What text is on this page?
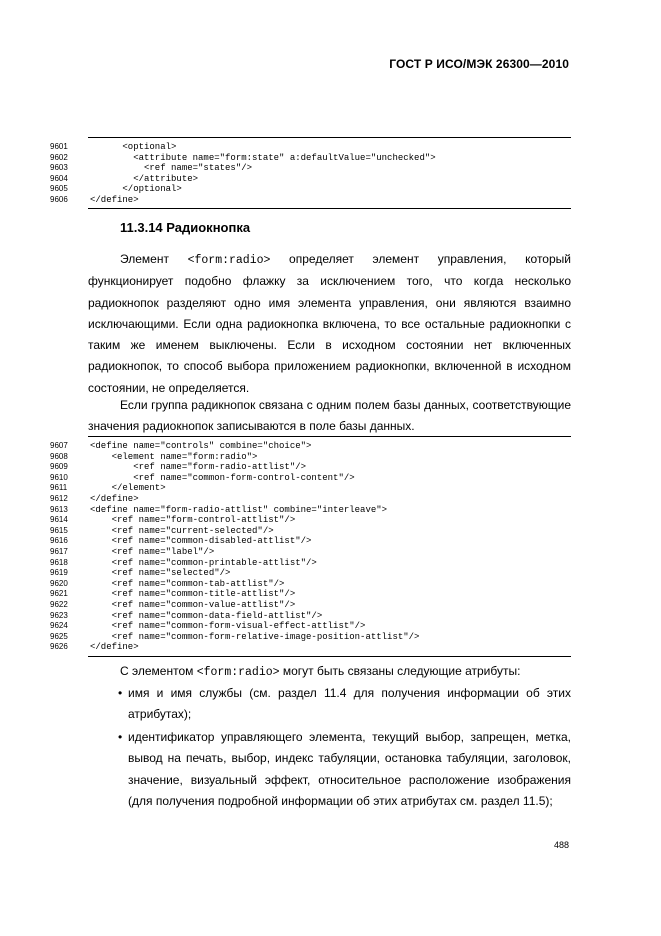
ГОСТ Р ИСО/МЭК 26300—2010
9601 <optional>
9602 <attribute name="form:state" a:defaultValue="unchecked">
9603 <ref name="states"/>
9604 </attribute>
9605 </optional>
9606 </define>
11.3.14 Радиокнопка
Элемент <form:radio> определяет элемент управления, который функционирует подобно флажку за исключением того, что когда несколько радиокнопок разделяют одно имя элемента управления, они являются взаимно исключающими. Если одна радиокнопка включена, то все остальные радиокнопки с таким же именем выключены. Если в исходном состоянии нет включенных радиокнопок, то способ выбора приложением радиокнопки, включенной в исходном состоянии, не определяется.
Если группа радикнопок связана с одним полем базы данных, соответствующие значения радиокнопок записываются в поле базы данных.
9607 <define name="controls" combine="choice">
9608 <element name="form:radio">
9609 <ref name="form-radio-attlist"/>
9610 <ref name="common-form-control-content"/>
9611	</element>
9612 </define>
9613 <define name="form-radio-attlist" combine="interleave">
9614 <ref name="form-control-attlist"/>
9615 <ref name="current-selected"/>
9616 <ref name="common-disabled-attlist"/>
9617 <ref name="label"/>
9618 <ref name="common-printable-attlist"/>
9619 <ref name="selected"/>
9620 <ref name="common-tab-attlist"/>
9621 <ref name="common-title-attlist"/>
9622 <ref name="common-value-attlist"/>
9623 <ref name="common-data-field-attlist"/>
9624 <ref name="common-form-visual-effect-attlist"/>
9625 <ref name="common-form-relative-image-position-attlist"/>
9626 </define>
С элементом <form:radio> могут быть связаны следующие атрибуты:
• имя и имя службы (см. раздел 11.4 для получения информации об этих атрибутах);
• идентификатор управляющего элемента, текущий выбор, запрещен, метка, вывод на печать, выбор, индекс табуляции, остановка табуляции, заголовок, значение, визуальный эффект, относительное расположение изображения (для получения подробной информации об этих атрибутах см. раздел 11.5);
488
